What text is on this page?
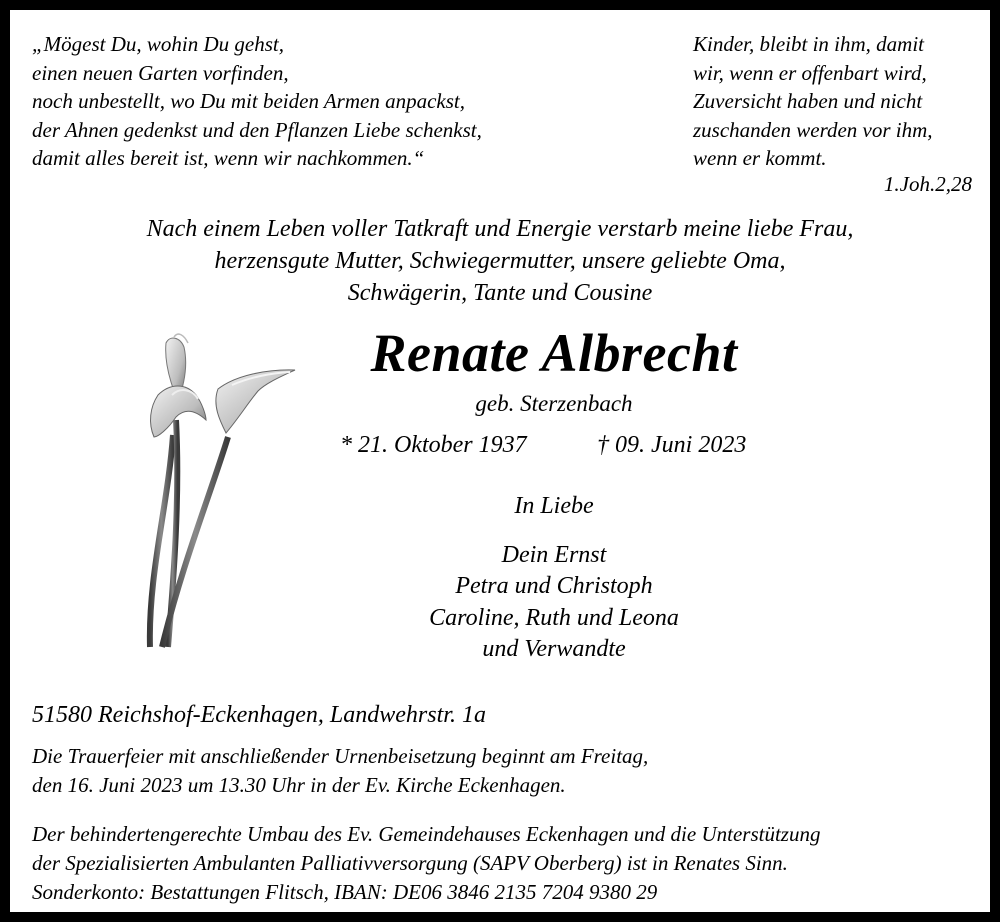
„Mögest Du, wohin Du gehst,
einen neuen Garten vorfinden,
noch unbestellt, wo Du mit beiden Armen anpackst,
der Ahnen gedenkst und den Pflanzen Liebe schenkst,
damit alles bereit ist, wenn wir nachkommen.“
Kinder, bleibt in ihm, damit
wir, wenn er offenbart wird,
Zuversicht haben und nicht
zuschanden werden vor ihm,
wenn er kommt.
1.Joh.2,28
Nach einem Leben voller Tatkraft und Energie verstarb meine liebe Frau,
herzensgute Mutter, Schwiegermutter, unsere geliebte Oma,
Schwägerin, Tante und Cousine
Renate Albrecht
geb. Sterzenbach
* 21. Oktober 1937	† 09. Juni 2023
In Liebe
Dein Ernst
Petra und Christoph
Caroline, Ruth und Leona
und Verwandte
51580 Reichshof-Eckenhagen, Landwehrstr. 1a
Die Trauerfeier mit anschließender Urnenbeisetzung beginnt am Freitag,
den 16. Juni 2023 um 13.30 Uhr in der Ev. Kirche Eckenhagen.
Der behindertengerechte Umbau des Ev. Gemeindehauses Eckenhagen und die Unterstützung
der Spezialisierten Ambulanten Palliativversorgung (SAPV Oberberg) ist in Renates Sinn.
Sonderkonto: Bestattungen Flitsch, IBAN: DE06 3846 2135 7204 9380 29
